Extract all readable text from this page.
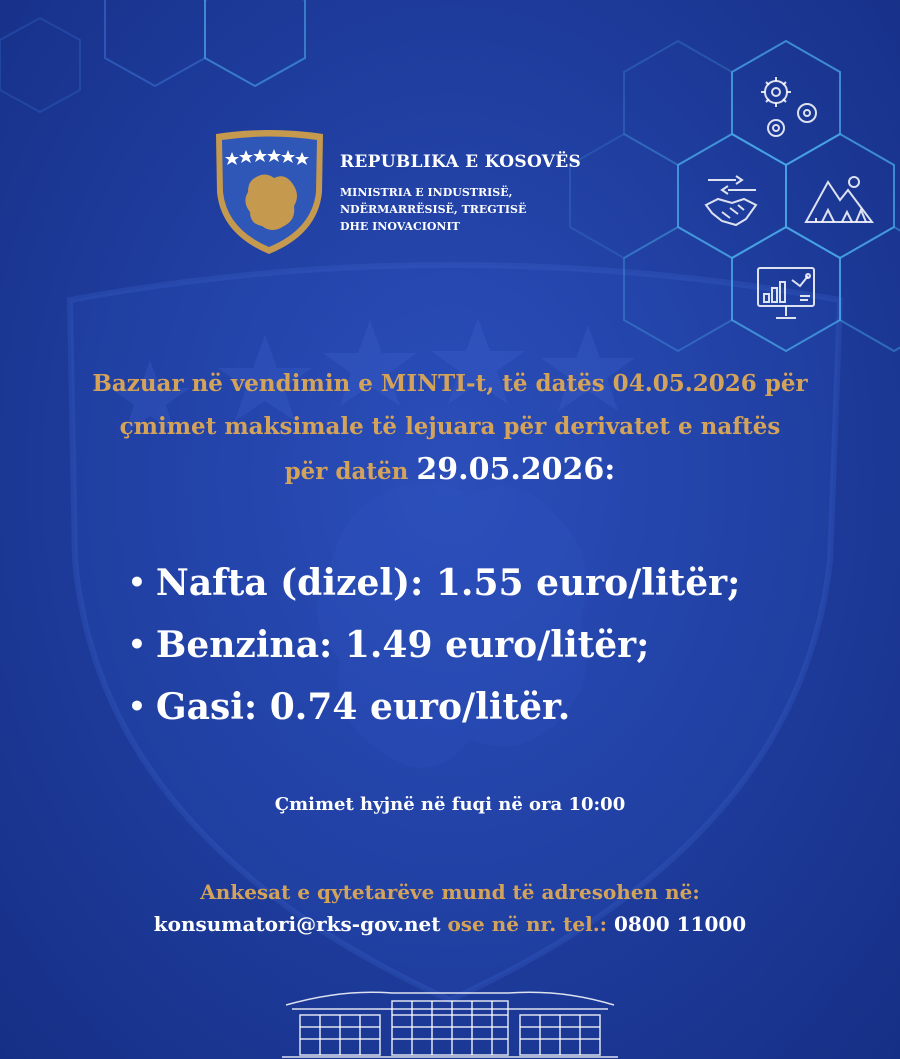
REPUBLIKA E KOSOVËS
MINISTRIA E INDUSTRISË,
NDËRMARRËSISË, TREGTISË
DHE INOVACIONIT
Bazuar në vendimin e MINTI-t, të datës 04.05.2026 për
çmimet maksimale të lejuara për derivatet e naftës
për datën 29.05.2026:
• Nafta (dizel): 1.55 euro/litër;
• Benzina: 1.49 euro/litër;
• Gasi: 0.74 euro/litër.
Çmimet hyjnë në fuqi në ora 10:00
Ankesat e qytetarëve mund të adresohen në:
konsumatori@rks-gov.net ose në nr. tel.: 0800 11000
